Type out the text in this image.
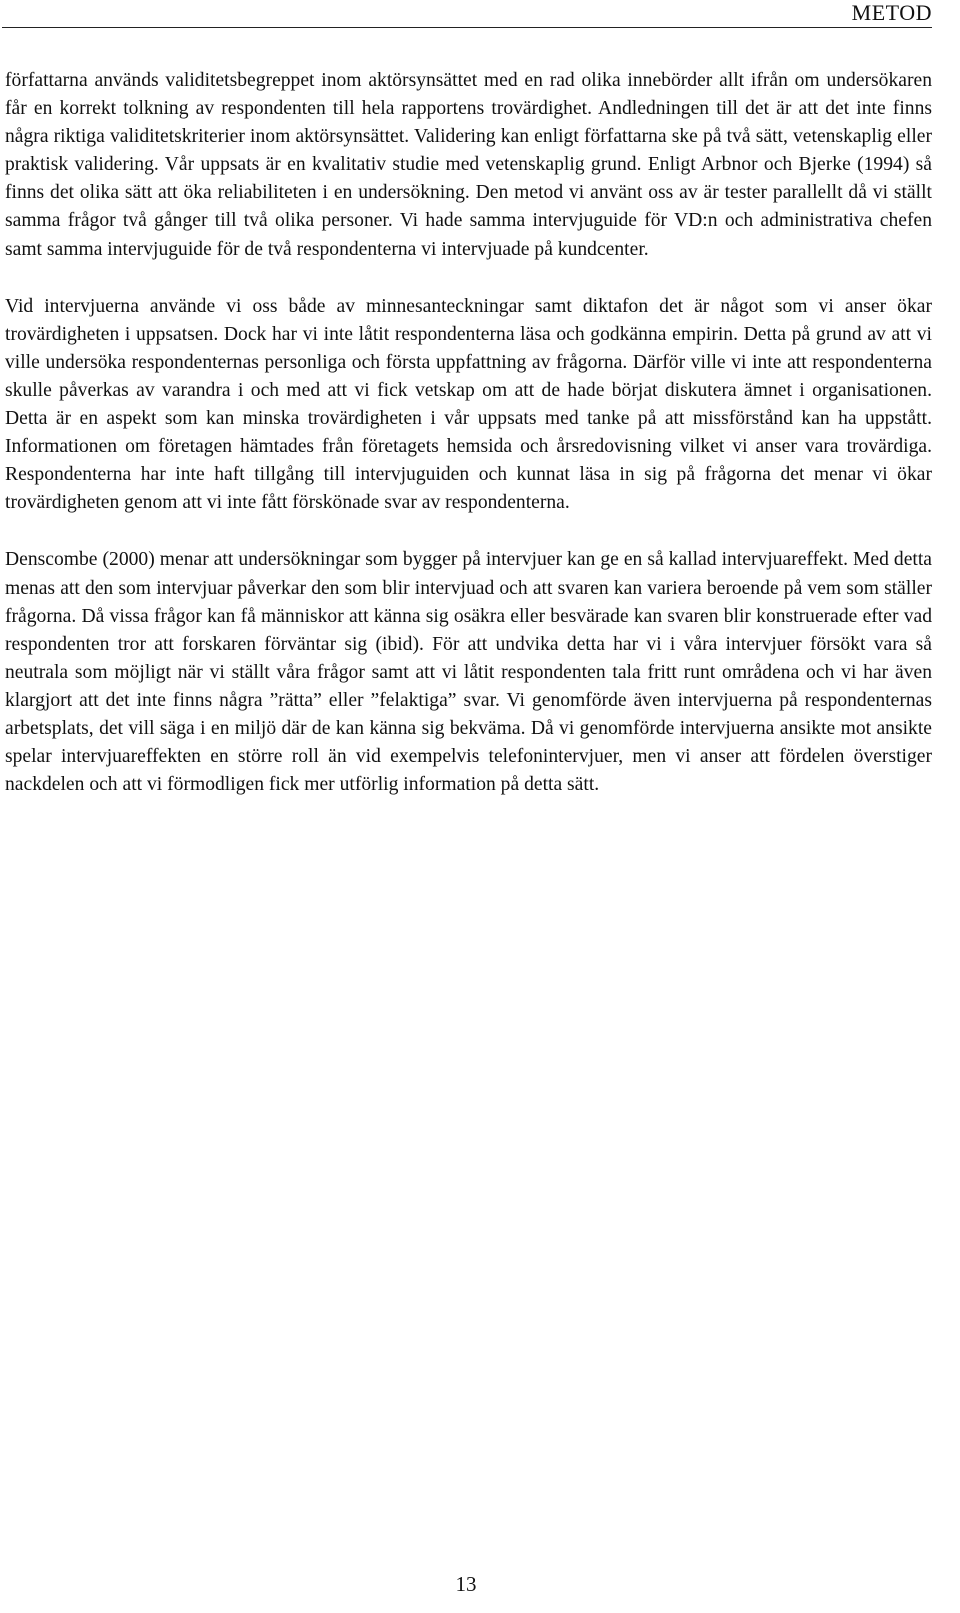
METOD

författarna används validitetsbegreppet inom aktörsynsättet med en rad olika innebörder allt ifrån om undersökaren får en korrekt tolkning av respondenten till hela rapportens trovärdighet. Andledningen till det är att det inte finns några riktiga validitetskriterier inom aktörsynsättet. Validering kan enligt författarna ske på två sätt, vetenskaplig eller praktisk validering. Vår uppsats är en kvalitativ studie med vetenskaplig grund. Enligt Arbnor och Bjerke (1994) så finns det olika sätt att öka reliabiliteten i en undersökning. Den metod vi använt oss av är tester parallellt då vi ställt samma frågor två gånger till två olika personer. Vi hade samma intervjuguide för VD:n och administrativa chefen samt samma intervjuguide för de två respondenterna vi intervjuade på kundcenter.

Vid intervjuerna använde vi oss både av minnesanteckningar samt diktafon det är något som vi anser ökar trovärdigheten i uppsatsen. Dock har vi inte låtit respondenterna läsa och godkänna empirin. Detta på grund av att vi ville undersöka respondenternas personliga och första uppfattning av frågorna. Därför ville vi inte att respondenterna skulle påverkas av varandra i och med att vi fick vetskap om att de hade börjat diskutera ämnet i organisationen. Detta är en aspekt som kan minska trovärdigheten i vår uppsats med tanke på att missförstånd kan ha uppstått. Informationen om företagen hämtades från företagets hemsida och årsredovisning vilket vi anser vara trovärdiga. Respondenterna har inte haft tillgång till intervjuguiden och kunnat läsa in sig på frågorna det menar vi ökar trovärdigheten genom att vi inte fått förskönade svar av respondenterna.

Denscombe (2000) menar att undersökningar som bygger på intervjuer kan ge en så kallad intervjuareffekt. Med detta menas att den som intervjuar påverkar den som blir intervjuad och att svaren kan variera beroende på vem som ställer frågorna. Då vissa frågor kan få människor att känna sig osäkra eller besvärade kan svaren blir konstruerade efter vad respondenten tror att forskaren förväntar sig (ibid). För att undvika detta har vi i våra intervjuer försökt vara så neutrala som möjligt när vi ställt våra frågor samt att vi låtit respondenten tala fritt runt områdena och vi har även klargjort att det inte finns några ”rätta” eller ”felaktiga” svar. Vi genomförde även intervjuerna på respondenternas arbetsplats, det vill säga i en miljö där de kan känna sig bekväma. Då vi genomförde intervjuerna ansikte mot ansikte spelar intervjuareffekten en större roll än vid exempelvis telefonintervjuer, men vi anser att fördelen överstiger nackdelen och att vi förmodligen fick mer utförlig information på detta sätt.

13
